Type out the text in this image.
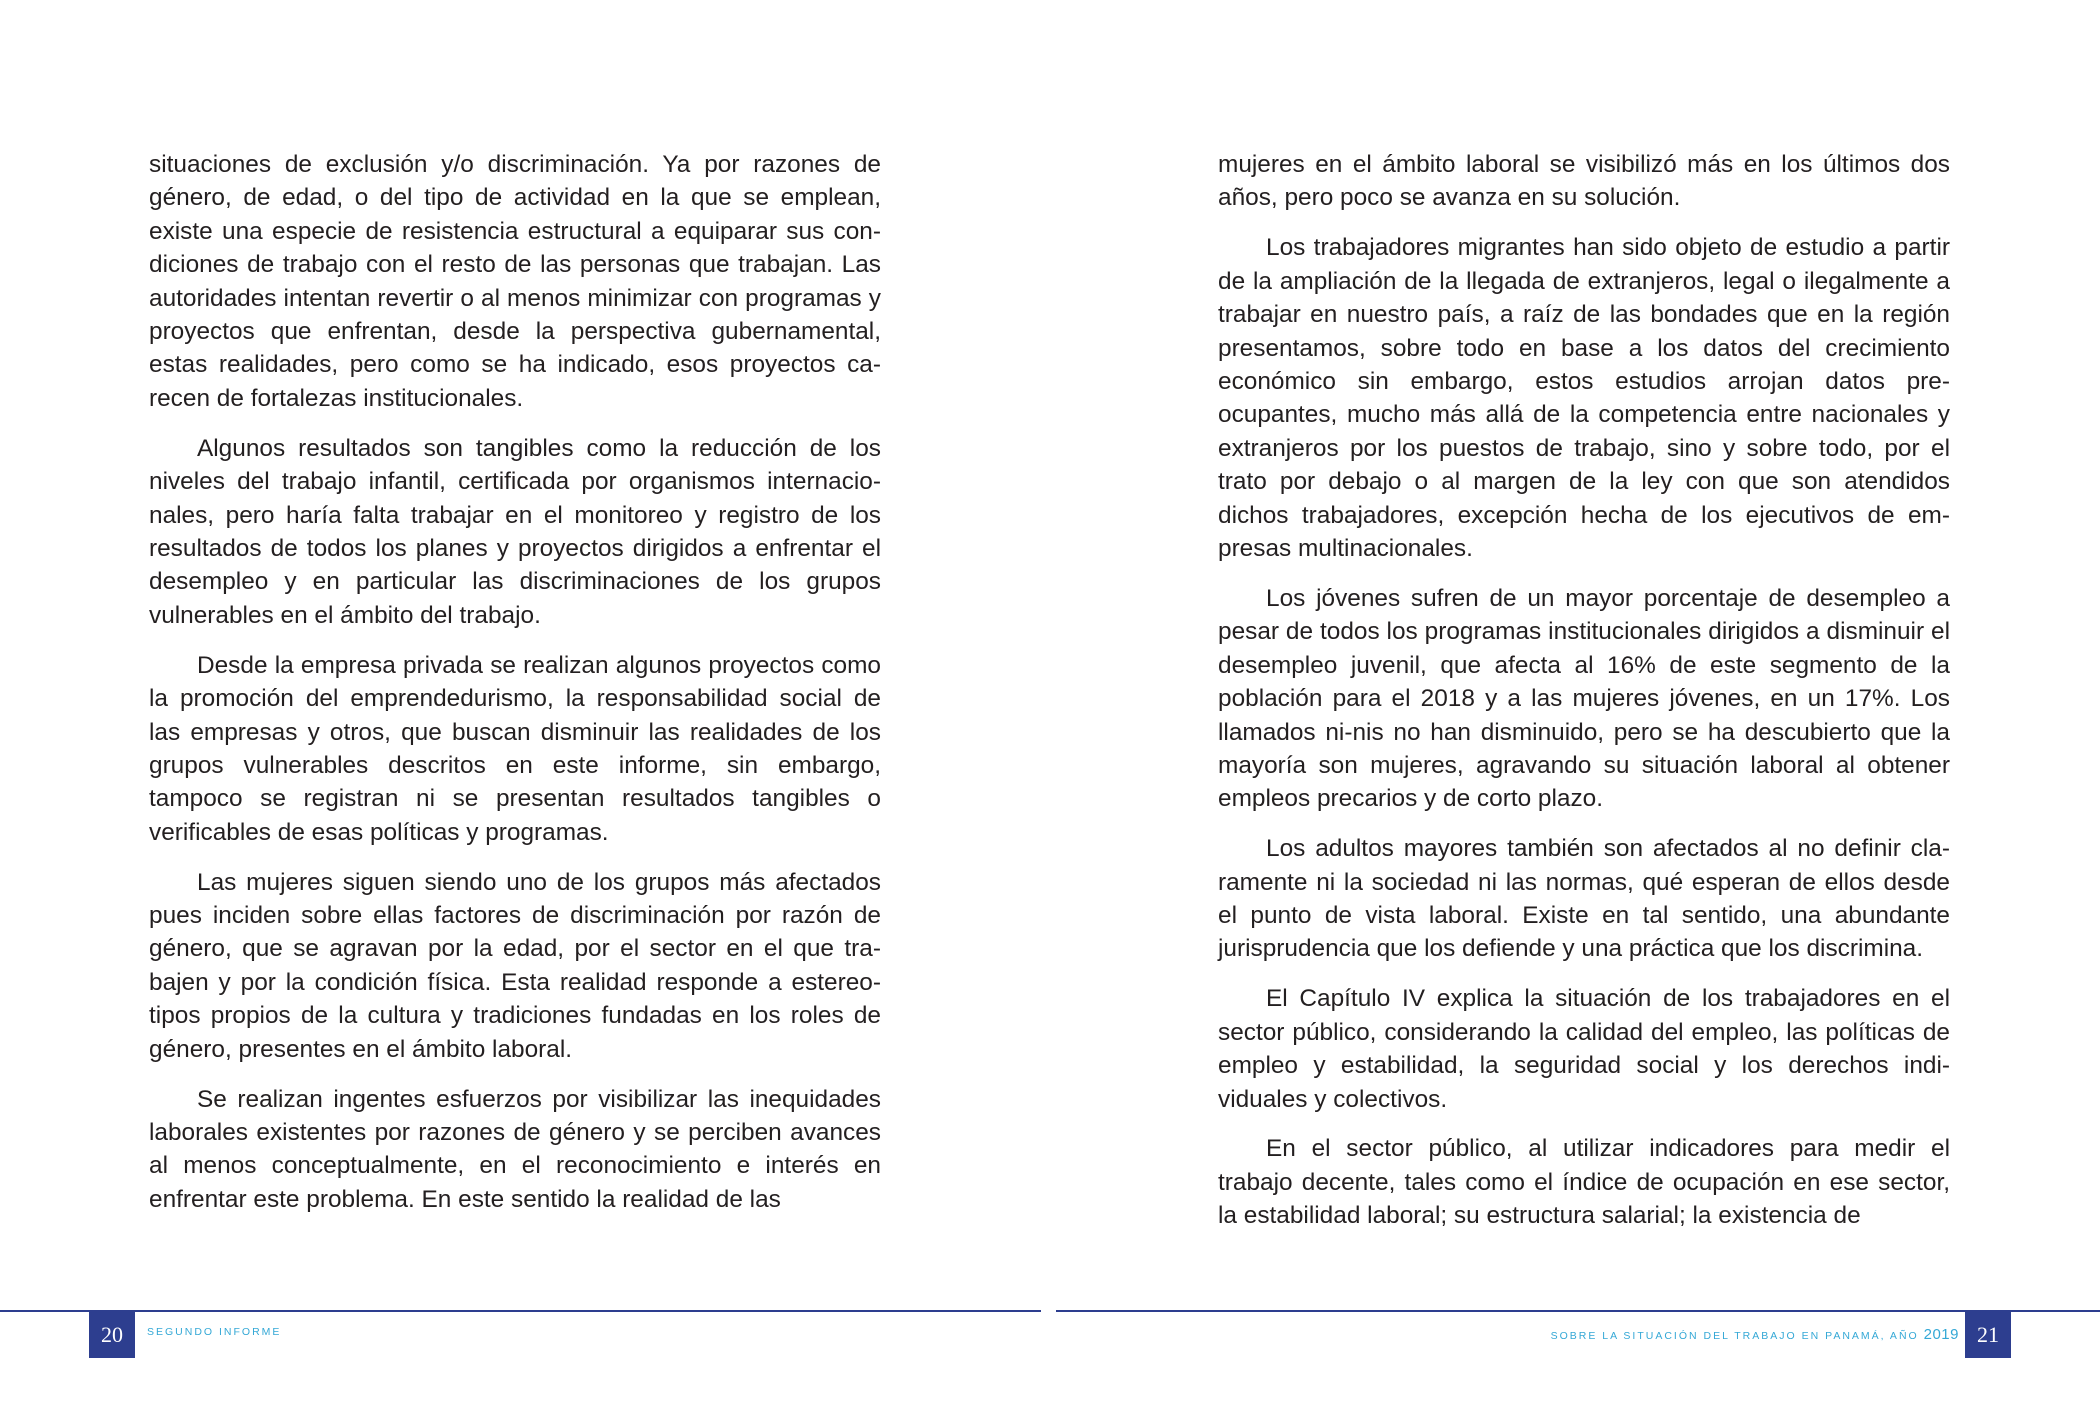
situaciones de exclusión y/o discriminación. Ya por razones de género, de edad, o del tipo de actividad en la que se emplean, existe una especie de resistencia estructural a equiparar sus condiciones de trabajo con el resto de las personas que trabajan. Las autoridades intentan revertir o al menos minimizar con programas y proyectos que enfrentan, desde la perspectiva gubernamental, estas realidades, pero como se ha indicado, esos proyectos carecen de fortalezas institucionales.

Algunos resultados son tangibles como la reducción de los niveles del trabajo infantil, certificada por organismos internacionales, pero haría falta trabajar en el monitoreo y registro de los resultados de todos los planes y proyectos dirigidos a enfrentar el desempleo y en particular las discriminaciones de los grupos vulnerables en el ámbito del trabajo.

Desde la empresa privada se realizan algunos proyectos como la promoción del emprendedurismo, la responsabilidad social de las empresas y otros, que buscan disminuir las realidades de los grupos vulnerables descritos en este informe, sin embargo, tampoco se registran ni se presentan resultados tangibles o verificables de esas políticas y programas.

Las mujeres siguen siendo uno de los grupos más afectados pues inciden sobre ellas factores de discriminación por razón de género, que se agravan por la edad, por el sector en el que trabajen y por la condición física. Esta realidad responde a estereotipos propios de la cultura y tradiciones fundadas en los roles de género, presentes en el ámbito laboral.

Se realizan ingentes esfuerzos por visibilizar las inequidades laborales existentes por razones de género y se perciben avances al menos conceptualmente, en el reconocimiento e interés en enfrentar este problema. En este sentido la realidad de las

20	SEGUNDO INFORME

mujeres en el ámbito laboral se visibilizó más en los últimos dos años, pero poco se avanza en su solución.

Los trabajadores migrantes han sido objeto de estudio a partir de la ampliación de la llegada de extranjeros, legal o ilegalmente a trabajar en nuestro país, a raíz de las bondades que en la región presentamos, sobre todo en base a los datos del crecimiento económico sin embargo, estos estudios arrojan datos preocupantes, mucho más allá de la competencia entre nacionales y extranjeros por los puestos de trabajo, sino y sobre todo, por el trato por debajo o al margen de la ley con que son atendidos dichos trabajadores, excepción hecha de los ejecutivos de empresas multinacionales.

Los jóvenes sufren de un mayor porcentaje de desempleo a pesar de todos los programas institucionales dirigidos a disminuir el desempleo juvenil, que afecta al 16% de este segmento de la población para el 2018 y a las mujeres jóvenes, en un 17%. Los llamados ni-nis no han disminuido, pero se ha descubierto que la mayoría son mujeres, agravando su situación laboral al obtener empleos precarios y de corto plazo.

Los adultos mayores también son afectados al no definir claramente ni la sociedad ni las normas, qué esperan de ellos desde el punto de vista laboral. Existe en tal sentido, una abundante jurisprudencia que los defiende y una práctica que los discrimina.

El Capítulo IV explica la situación de los trabajadores en el sector público, considerando la calidad del empleo, las políticas de empleo y estabilidad, la seguridad social y los derechos individuales y colectivos.

En el sector público, al utilizar indicadores para medir el trabajo decente, tales como el índice de ocupación en ese sector, la estabilidad laboral; su estructura salarial; la existencia de

SOBRE LA SITUACIÓN DEL TRABAJO EN PANAMÁ, AÑO 2019 21
